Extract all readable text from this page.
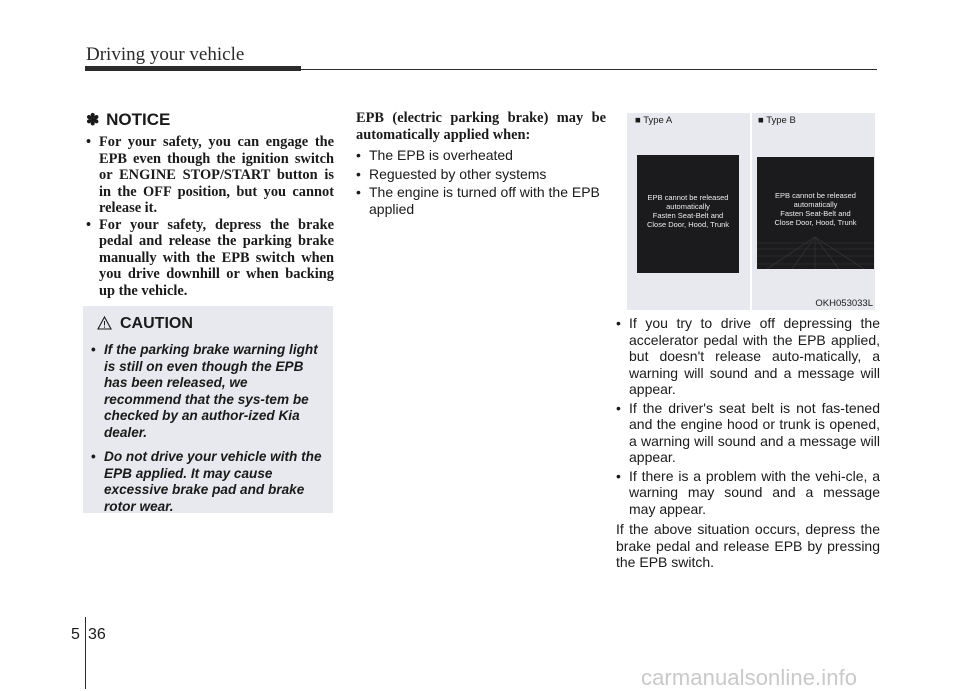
Driving your vehicle
✽ NOTICE
• For your safety, you can engage the EPB even though the ignition switch or ENGINE STOP/START button is in the OFF position, but you cannot release it.
• For your safety, depress the brake pedal and release the parking brake manually with the EPB switch when you drive downhill or when backing up the vehicle.
CAUTION
• If the parking brake warning light is still on even though the EPB has been released, we recommend that the sys-tem be checked by an author-ized Kia dealer.
• Do not drive your vehicle with the EPB applied. It may cause excessive brake pad and brake rotor wear.

EPB (electric parking brake) may be automatically applied when:

• The EPB is overheated
• Reguested by other systems
• The engine is turned off with the EPB applied
■ Type A
EPB cannot be released
automatically
Fasten Seat-Belt and
Close Door, Hood, Trunk
■ Type B
EPB cannot be released
automatically
Fasten Seat-Belt and
Close Door, Hood, Trunk
OKH053033L
• If you try to drive off depressing the accelerator pedal with the EPB applied, but doesn't release auto-matically, a warning will sound and a message will appear.
• If the driver's seat belt is not fas-tened and the engine hood or trunk is opened, a warning will sound and a message will appear.
• If there is a problem with the vehi-cle, a warning may sound and a message may appear.

If the above situation occurs, depress the brake pedal and release EPB by pressing the EPB switch.

5 36
carmanualsonline.info
